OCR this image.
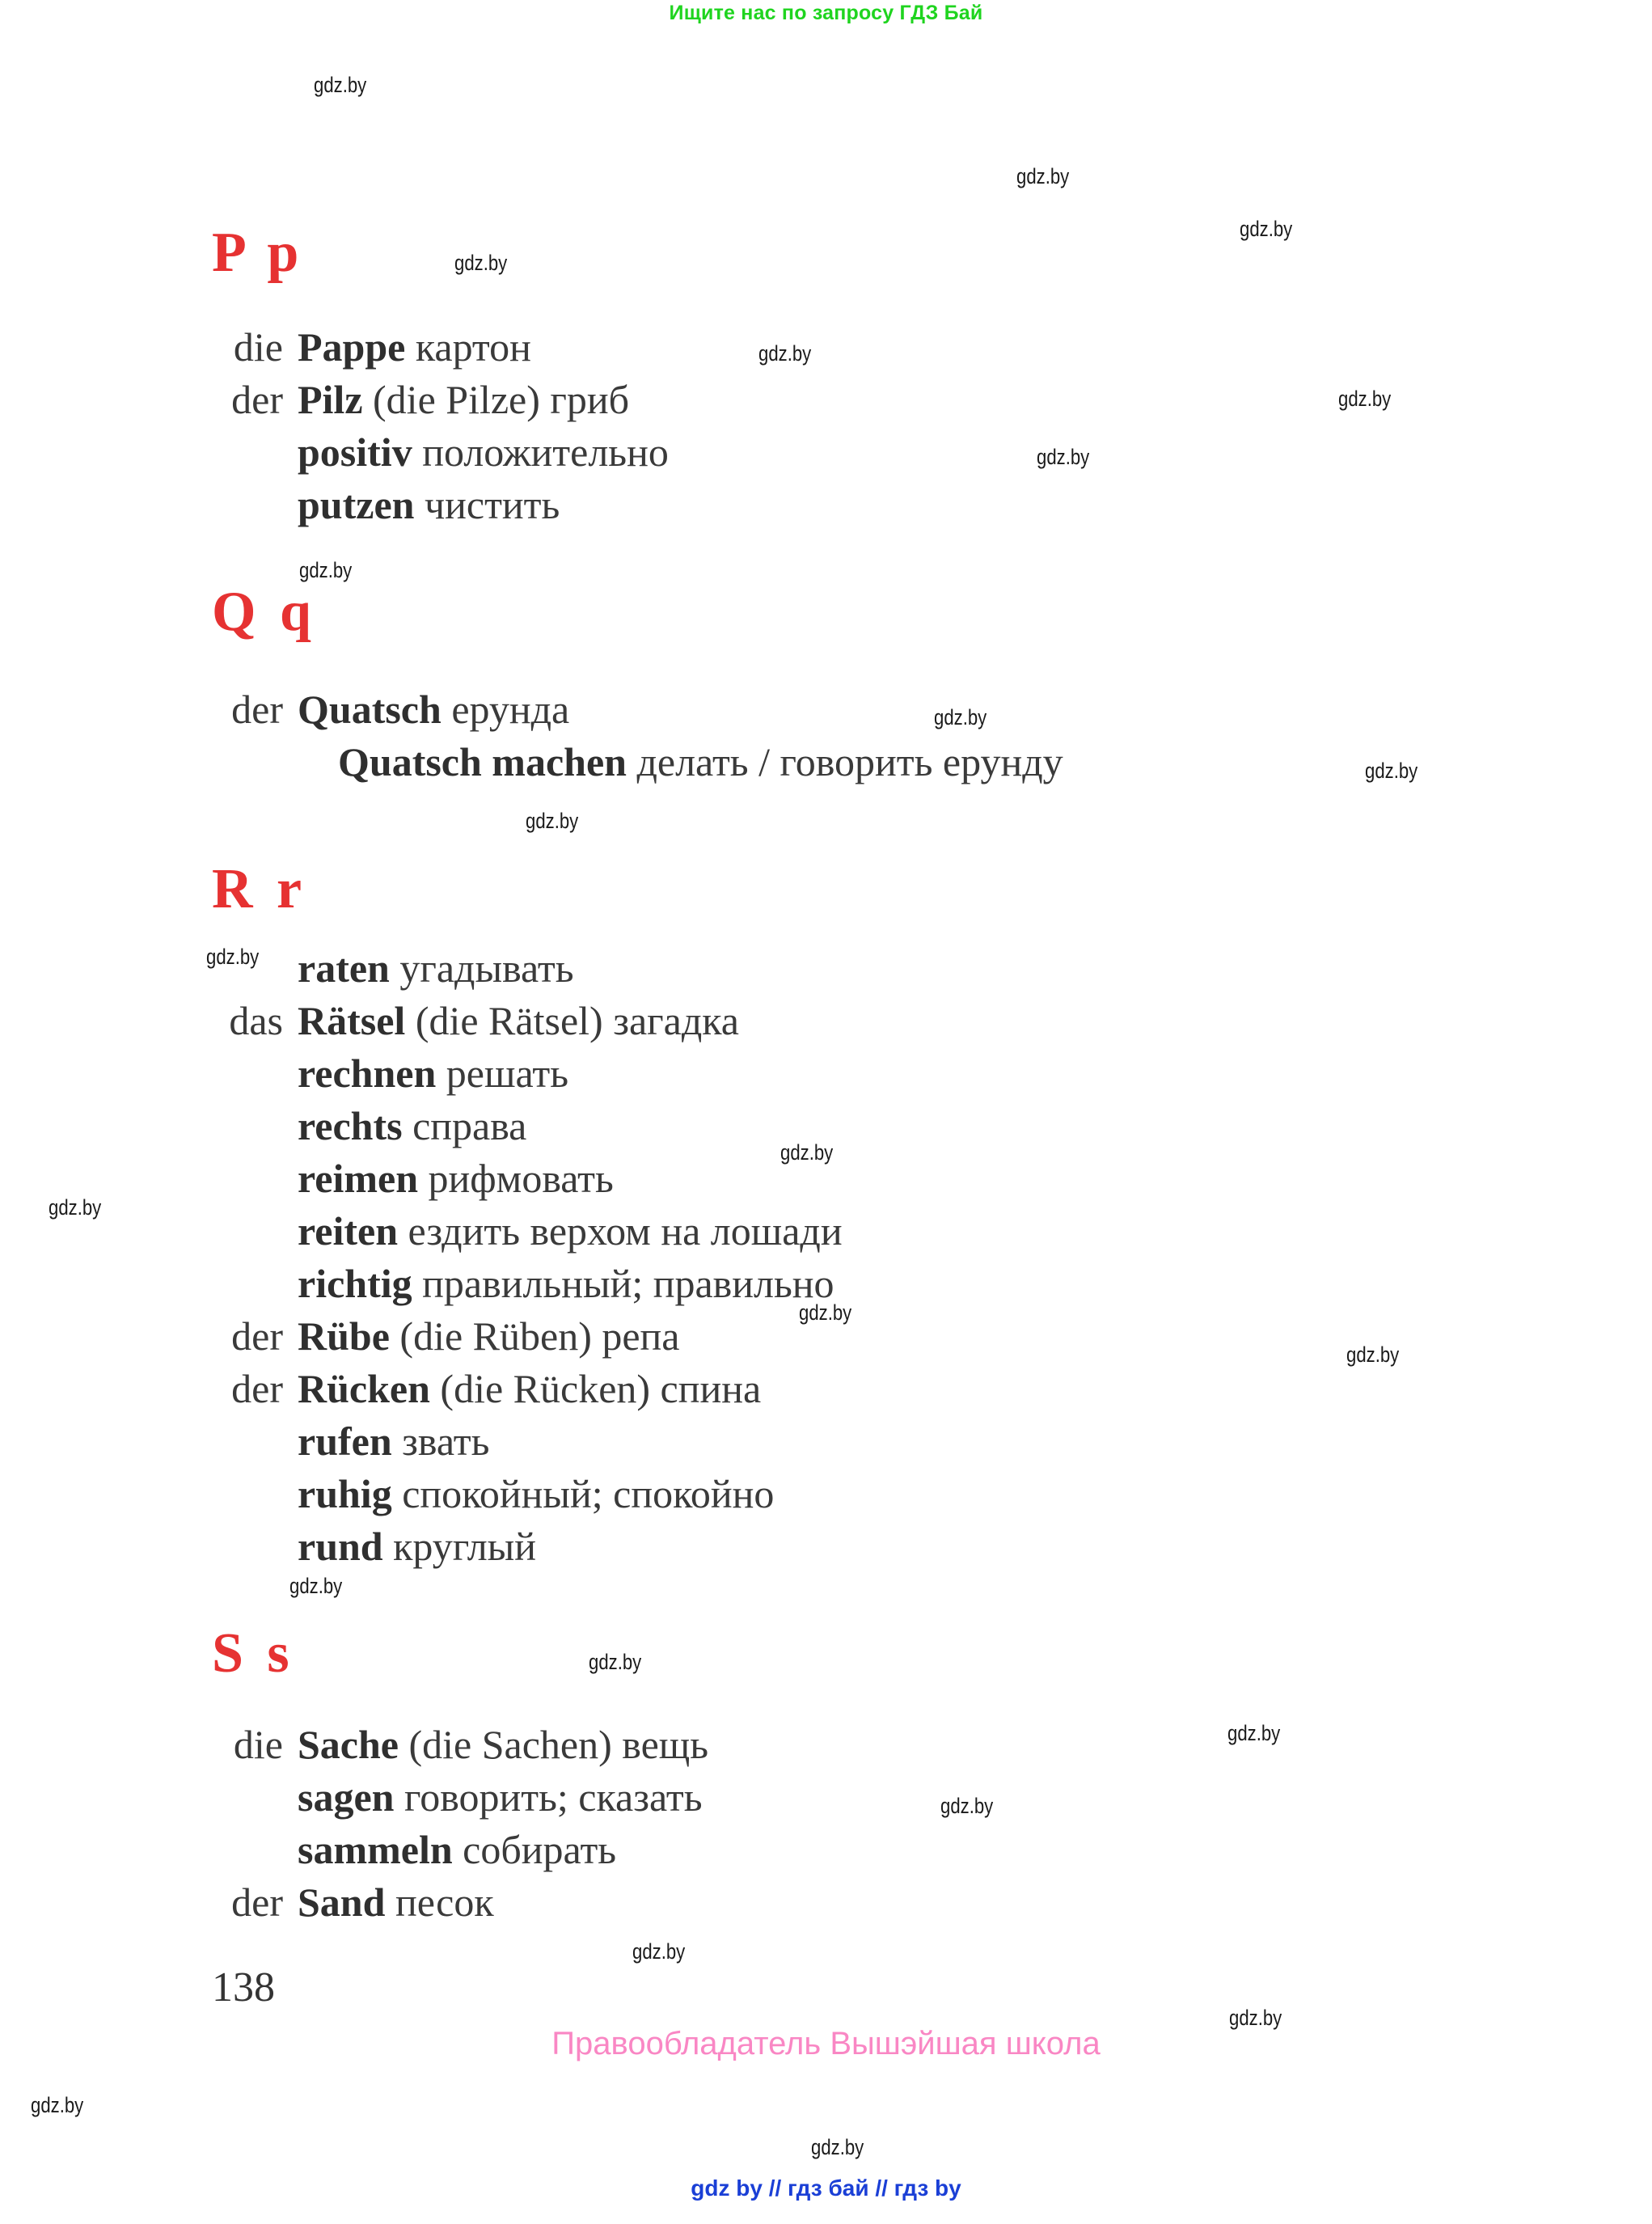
Ищите нас по запросу ГДЗ Бай
P p
die Pappe картон
der Pilz (die Pilze) гриб
positiv положительно
putzen чистить
Q q
der Quatsch ерунда
Quatsch machen делать / говорить ерунду
R r
raten угадывать
das Rätsel (die Rätsel) загадка
rechnen решать
rechts справа
reimen рифмовать
reiten ездить верхом на лошади
richtig правильный; правильно
der Rübe (die Rüben) репа
der Rücken (die Rücken) спина
rufen звать
ruhig спокойный; спокойно
rund круглый
S s
die Sache (die Sachen) вещь
sagen говорить; сказать
sammeln собирать
der Sand песок
138
Правообладатель Вышэйшая школа
gdz by // гдз бай // гдз by
gdz.by
gdz.by
gdz.by
gdz.by
gdz.by
gdz.by
gdz.by
gdz.by
gdz.by
gdz.by
gdz.by
gdz.by
gdz.by
gdz.by
gdz.by
gdz.by
gdz.by
gdz.by
gdz.by
gdz.by
gdz.by
gdz.by
gdz.by
gdz.by
